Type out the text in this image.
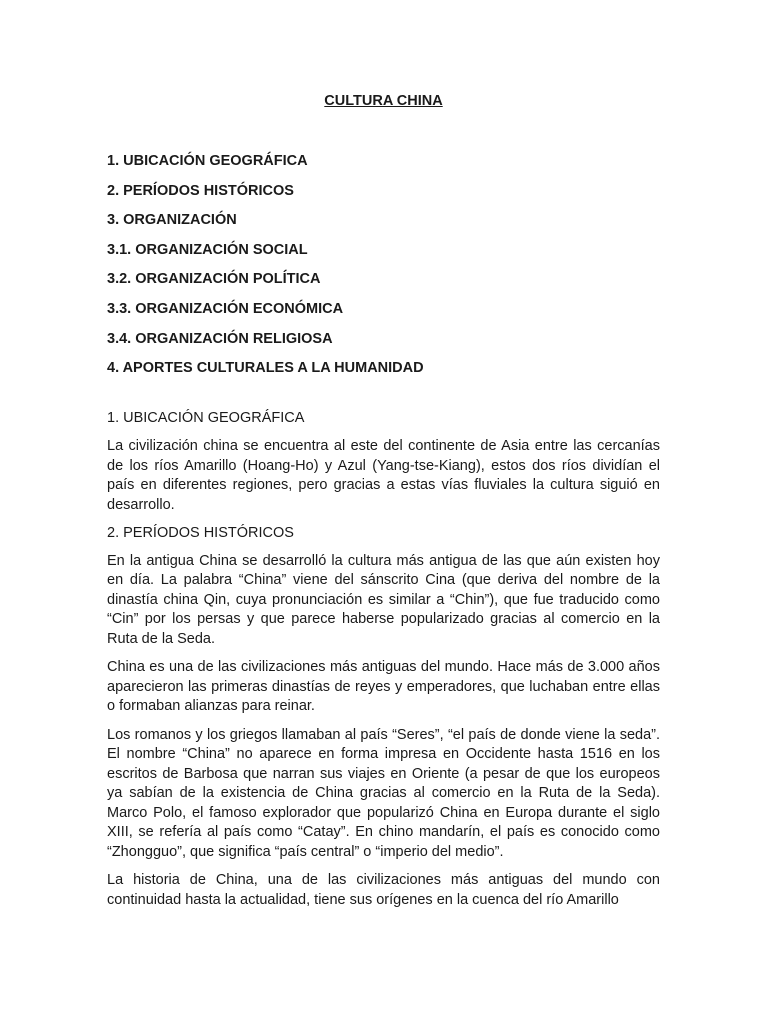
CULTURA CHINA
1. UBICACIÓN GEOGRÁFICA
2. PERÍODOS HISTÓRICOS
3. ORGANIZACIÓN
3.1. ORGANIZACIÓN SOCIAL
3.2. ORGANIZACIÓN POLÍTICA
3.3. ORGANIZACIÓN ECONÓMICA
3.4. ORGANIZACIÓN RELIGIOSA
4. APORTES CULTURALES A LA HUMANIDAD
1. UBICACIÓN GEOGRÁFICA

La civilización china se encuentra al este del continente de Asia entre las cercanías de los ríos Amarillo (Hoang-Ho) y Azul (Yang-tse-Kiang), estos dos ríos dividían el país en diferentes regiones, pero gracias a estas vías fluviales la cultura siguió en desarrollo.

2. PERÍODOS HISTÓRICOS

En la antigua China se desarrolló la cultura más antigua de las que aún existen hoy en día. La palabra “China” viene del sánscrito Cina (que deriva del nombre de la dinastía china Qin, cuya pronunciación es similar a “Chin”), que fue traducido como “Cin” por los persas y que parece haberse popularizado gracias al comercio en la Ruta de la Seda.

China es una de las civilizaciones más antiguas del mundo. Hace más de 3.000 años aparecieron las primeras dinastías de reyes y emperadores, que luchaban entre ellas o formaban alianzas para reinar.

Los romanos y los griegos llamaban al país “Seres”, “el país de donde viene la seda”. El nombre “China” no aparece en forma impresa en Occidente hasta 1516 en los escritos de Barbosa que narran sus viajes en Oriente (a pesar de que los europeos ya sabían de la existencia de China gracias al comercio en la Ruta de la Seda). Marco Polo, el famoso explorador que popularizó China en Europa durante el siglo XIII, se refería al país como “Catay”. En chino mandarín, el país es conocido como “Zhongguo”, que significa “país central” o “imperio del medio”.

La historia de China, una de las civilizaciones más antiguas del mundo con continuidad hasta la actualidad, tiene sus orígenes en la cuenca del río Amarillo
